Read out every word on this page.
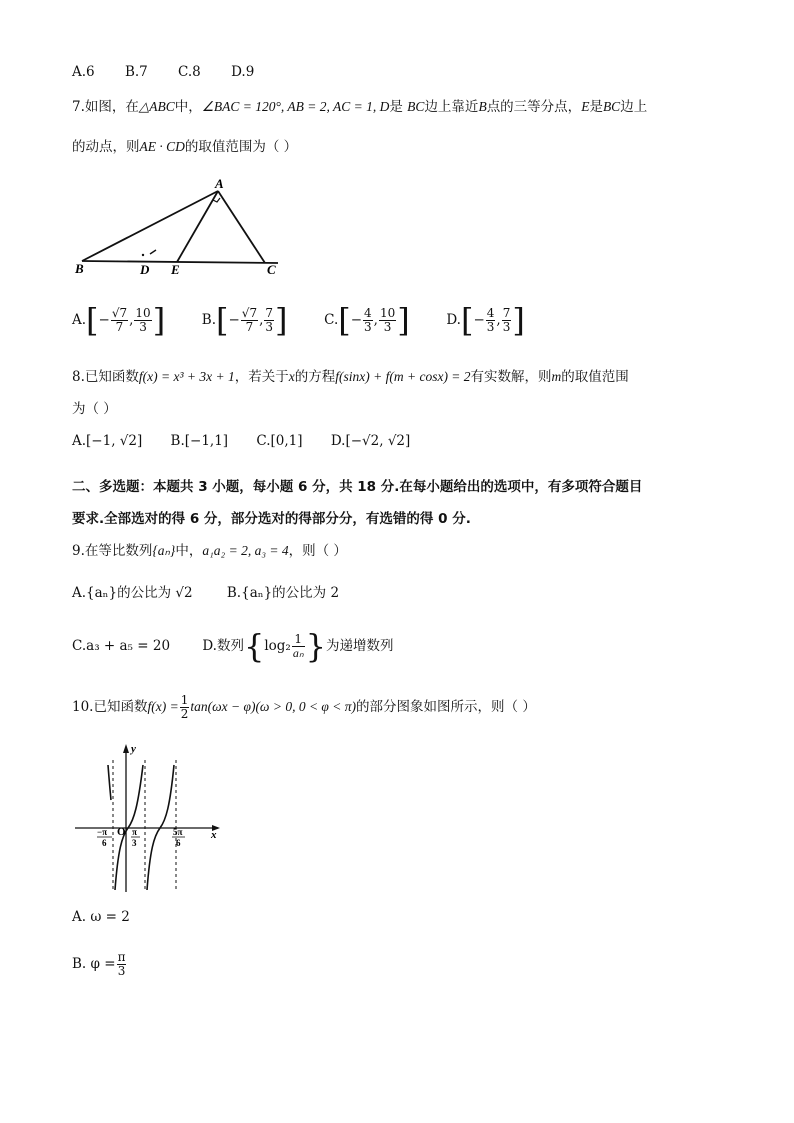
A.6 B.7 C.8 D.9
7.如图，在△ABC中，∠BAC = 120°, AB = 2, AC = 1, D是 BC边上靠近B点的三等分点，E是BC边上
的动点，则AE · CD的取值范围为（ ）
A
B	D E	C
$A.[- \frac{√7}{7}$ , $\frac{10}{3}$ ]	$B.[- \frac{√7}{7}$ , $\frac{7}{3}$ ]	$C.[- \frac{4}{3}$ , $\frac{10}{3}$ ]	$D.[- \frac{4}{3}$ , $\frac{7}{3}$ ]
8.已知函数f(x) = x³ + 3x + 1，若关于x的方程f(sinx) + f(m + cosx) = 2有实数解，则m的取值范围
为（ ）
A.[−1, √2] B.[−1,1] C.[0,1] D.[−√2, √2]
二、多选题：本题共 3 小题，每小题 6 分，共 18 分.在每小题给出的选项中，有多项符合题目
要求.全部选对的得 6 分，部分选对的得部分分，有选错的得 0 分.
9.在等比数列{aₙ}中，a₁a₂ = 2, a₃ = 4，则（ ）
A.{aₙ}的公比为 √2	B.{aₙ}的公比为 2
C.a₃ + a₅ = 20 D.数列{$\log_2 \frac{1}{\text{aₙ}}$ }为递增数列
10.已知函数$f(x) = \frac{1}{2} \tan(\omega x - \varphi)(\omega > 0$, 0 < φ < π)的部分图象如图所示，则（ ）
y
x
O
−π
6
π
3
5π
6
A. ω = 2
B. $\varphi = \frac{\pi}{3}$
